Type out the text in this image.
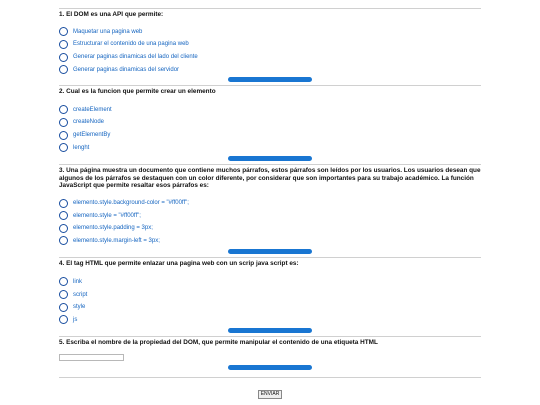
1. El DOM es una API que permite:
Maquetar una pagina web
Estructurar el contenido de una pagina web
Generar paginas dinamicas del lado del cliente
Generar paginas dinamicas del servidor
2. Cual es la funcion que permite crear un elemento
createElement
createNode
getElementBy
lenght
3. Una página muestra un documento que contiene muchos párrafos, estos párrafos son leídos por los usuarios. Los usuarios desean que algunos de los párrafos se destaquen con un color diferente, por considerar que son importantes para su trabajo académico. La función JavaScript que permite resaltar esos párrafos es:
elemento.style.background-color = "#ff00ff";
elemento.style = "#ff00ff";
elemento.style.padding = 3px;
elemento.style.margin-left = 3px;
4. El tag HTML que permite enlazar una pagina web con un scrip java script es:
link
script
style
js
5. Escriba el nombre de la propiedad del DOM, que permite manipular el contenido de una etiqueta HTML
ENVIAR
